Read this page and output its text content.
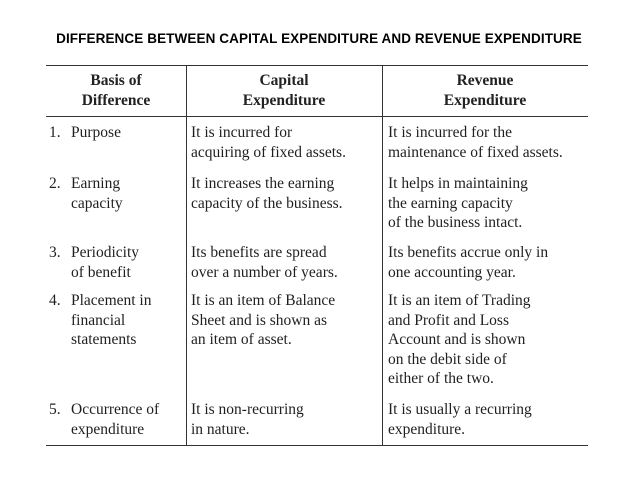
DIFFERENCE BETWEEN CAPITAL EXPENDITURE AND REVENUE EXPENDITURE
Basis of
Difference
Capital
Expenditure
Revenue
Expenditure
1. Purpose	It is incurred for
acquiring of fixed assets.
It is incurred for the
maintenance of fixed assets.
2. Earning
capacity
It increases the earning
capacity of the business.
It helps in maintaining
the earning capacity
of the business intact.
3. Periodicity
of benefit
Its benefits are spread
over a number of years.
Its benefits accrue only in
one accounting year.
4. Placement in
financial
statements
It is an item of Balance
Sheet and is shown as
an item of asset.
It is an item of Trading
and Profit and Loss
Account and is shown
on the debit side of
either of the two.
5. Occurrence of
expenditure
It is non-recurring
in nature.
It is usually a recurring
expenditure.
